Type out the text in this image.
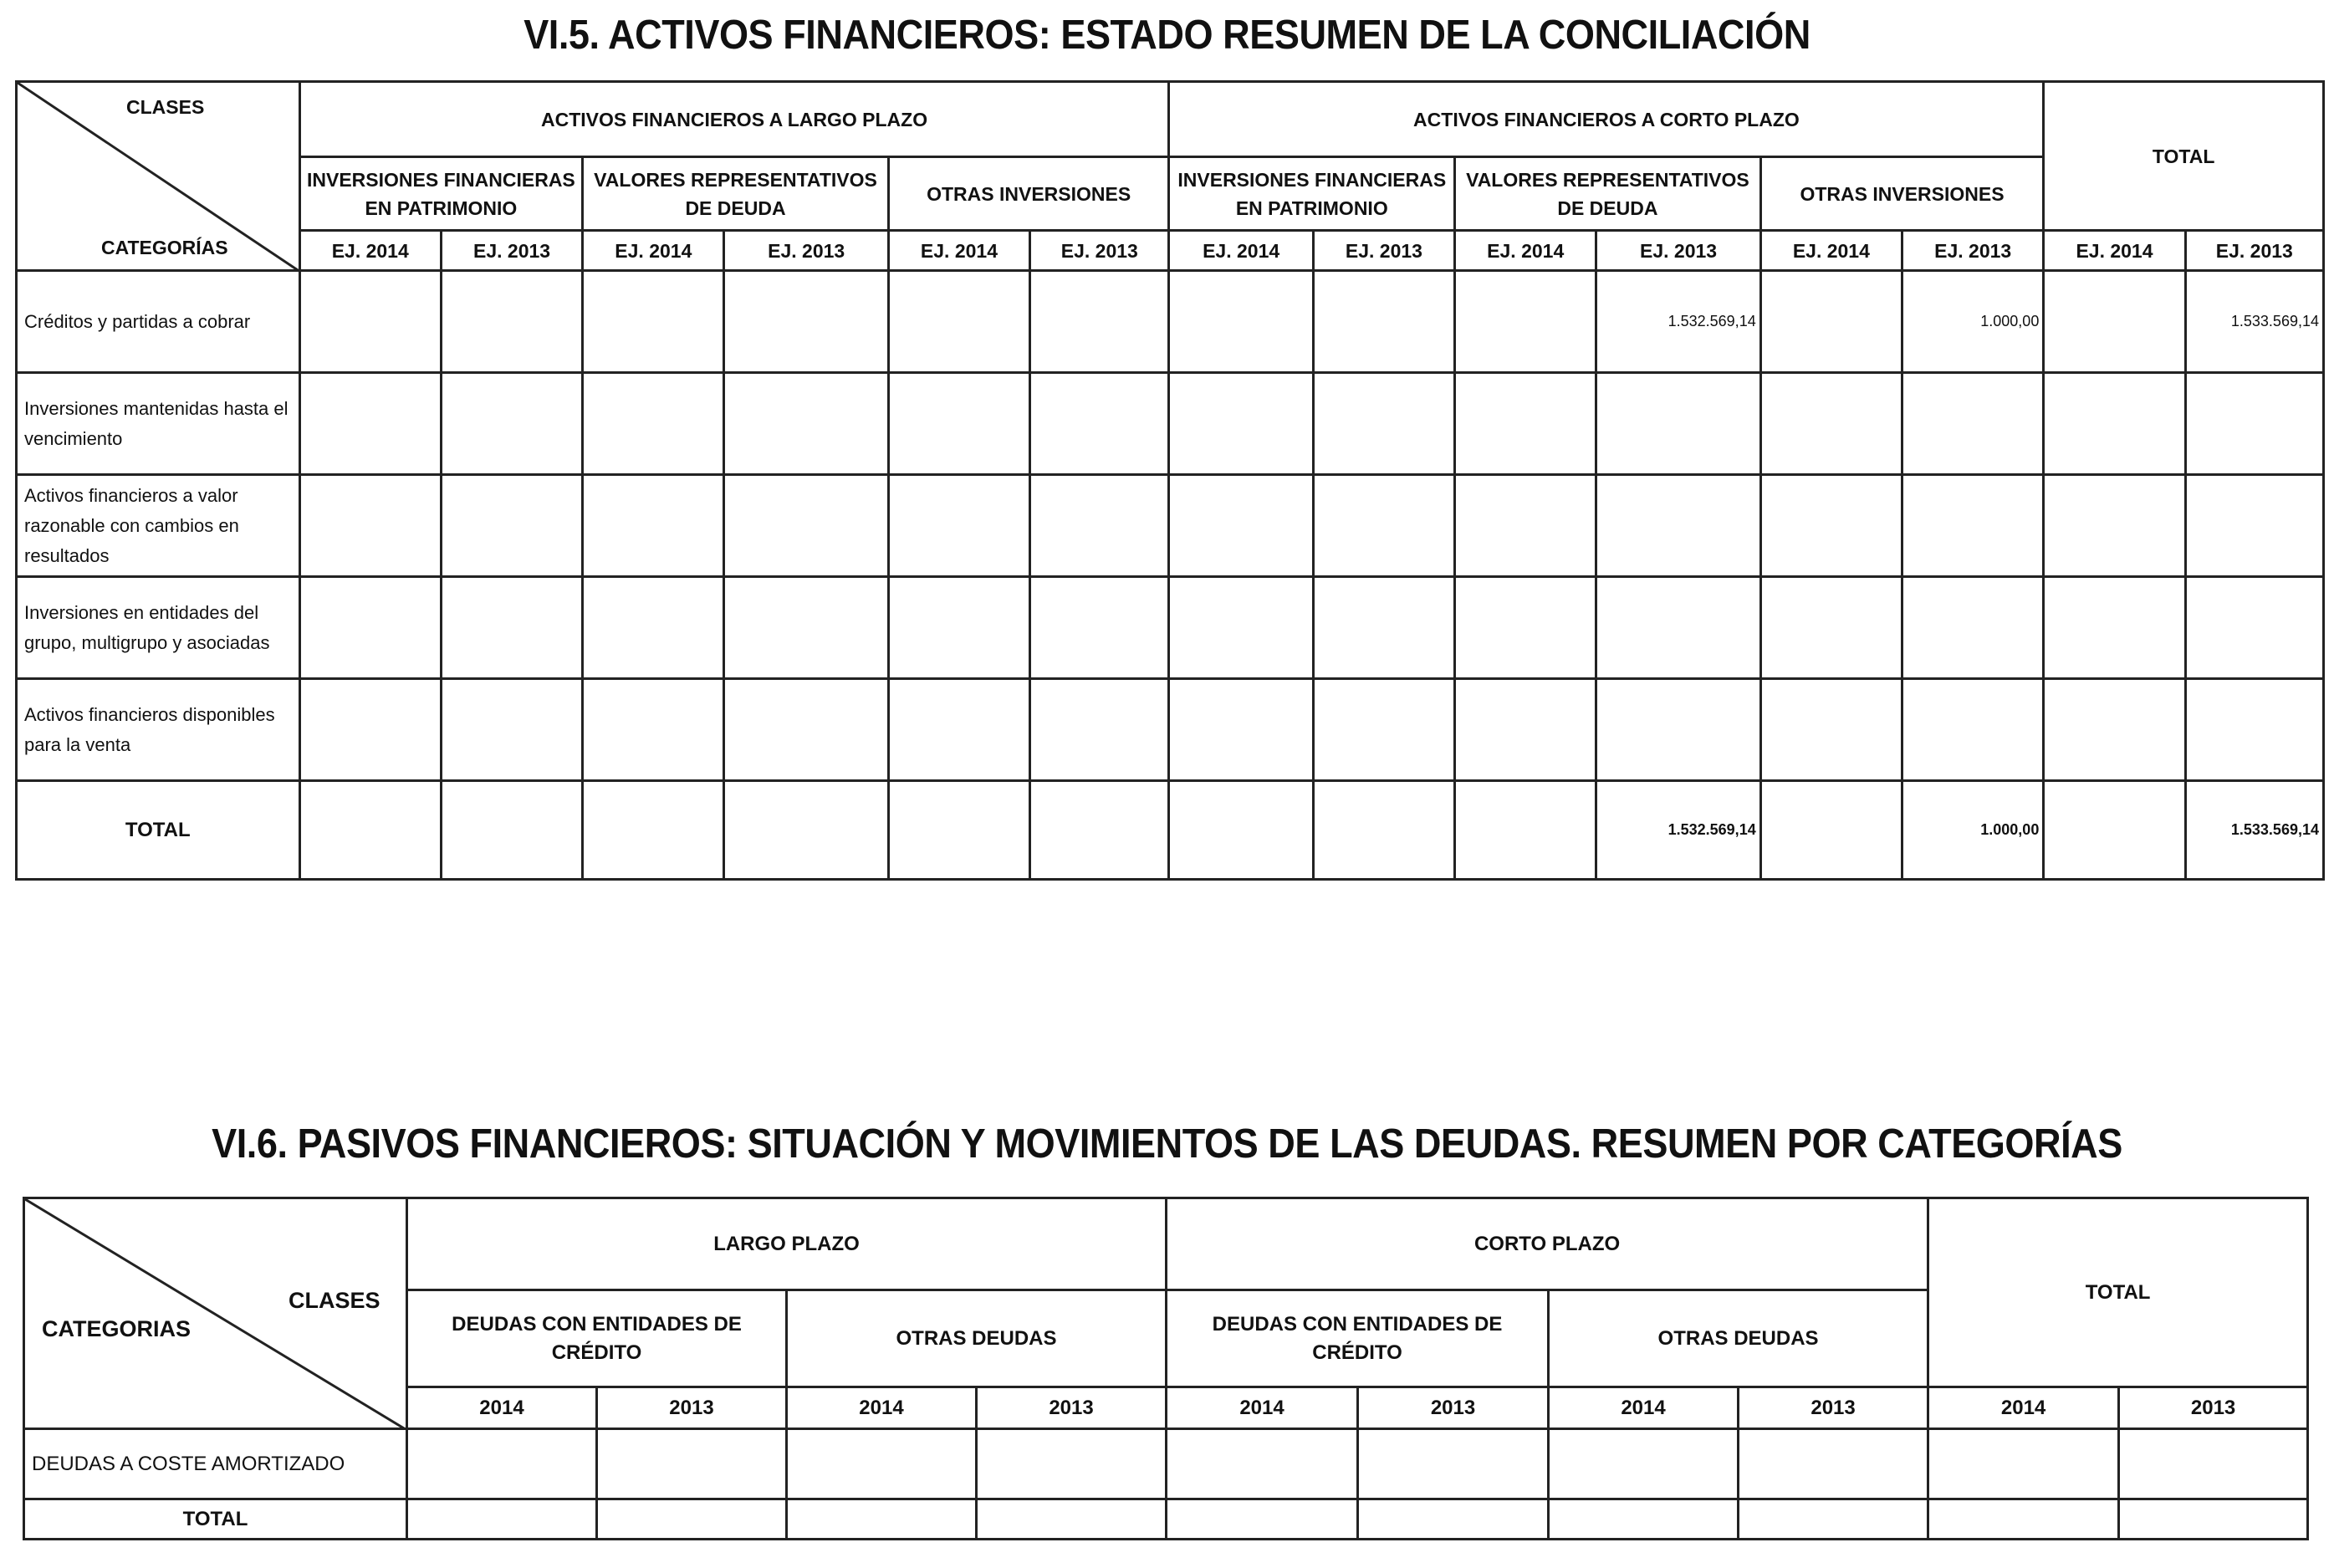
VI.5. ACTIVOS FINANCIEROS: ESTADO RESUMEN DE LA CONCILIACIÓN
CLASES
CATEGORÍAS	ACTIVOS FINANCIEROS A LARGO PLAZO						ACTIVOS FINANCIEROS A CORTO PLAZO						TOTAL	
	INVERSIONES FINANCIERAS EN PATRIMONIO		VALORES REPRESENTATIVOS DE DEUDA		OTRAS INVERSIONES		INVERSIONES FINANCIERAS EN PATRIMONIO		VALORES REPRESENTATIVOS DE DEUDA		OTRAS INVERSIONES			
	EJ. 2014	EJ. 2013	EJ. 2014	EJ. 2013	EJ. 2014	EJ. 2013	EJ. 2014	EJ. 2013	EJ. 2014	EJ. 2013	EJ. 2014	EJ. 2013	EJ. 2014	EJ. 2013
Créditos y partidas a cobrar										1.532.569,14		1.000,00		1.533.569,14
Inversiones mantenidas hasta el vencimiento														
Activos financieros a valor razonable con cambios en resultados														
Inversiones en entidades del grupo, multigrupo y asociadas														
Activos financieros disponibles para la venta														
TOTAL										1.532.569,14		1.000,00		1.533.569,14
VI.6. PASIVOS FINANCIEROS: SITUACIÓN Y MOVIMIENTOS DE LAS DEUDAS. RESUMEN POR CATEGORÍAS
CLASES
CATEGORIAS	LARGO PLAZO				CORTO PLAZO				TOTAL	
	DEUDAS CON ENTIDADES DE CRÉDITO		OTRAS DEUDAS		DEUDAS CON ENTIDADES DE CRÉDITO		OTRAS DEUDAS			
	2014	2013	2014	2013	2014	2013	2014	2013	2014	2013
DEUDAS A COSTE AMORTIZADO										
TOTAL										
